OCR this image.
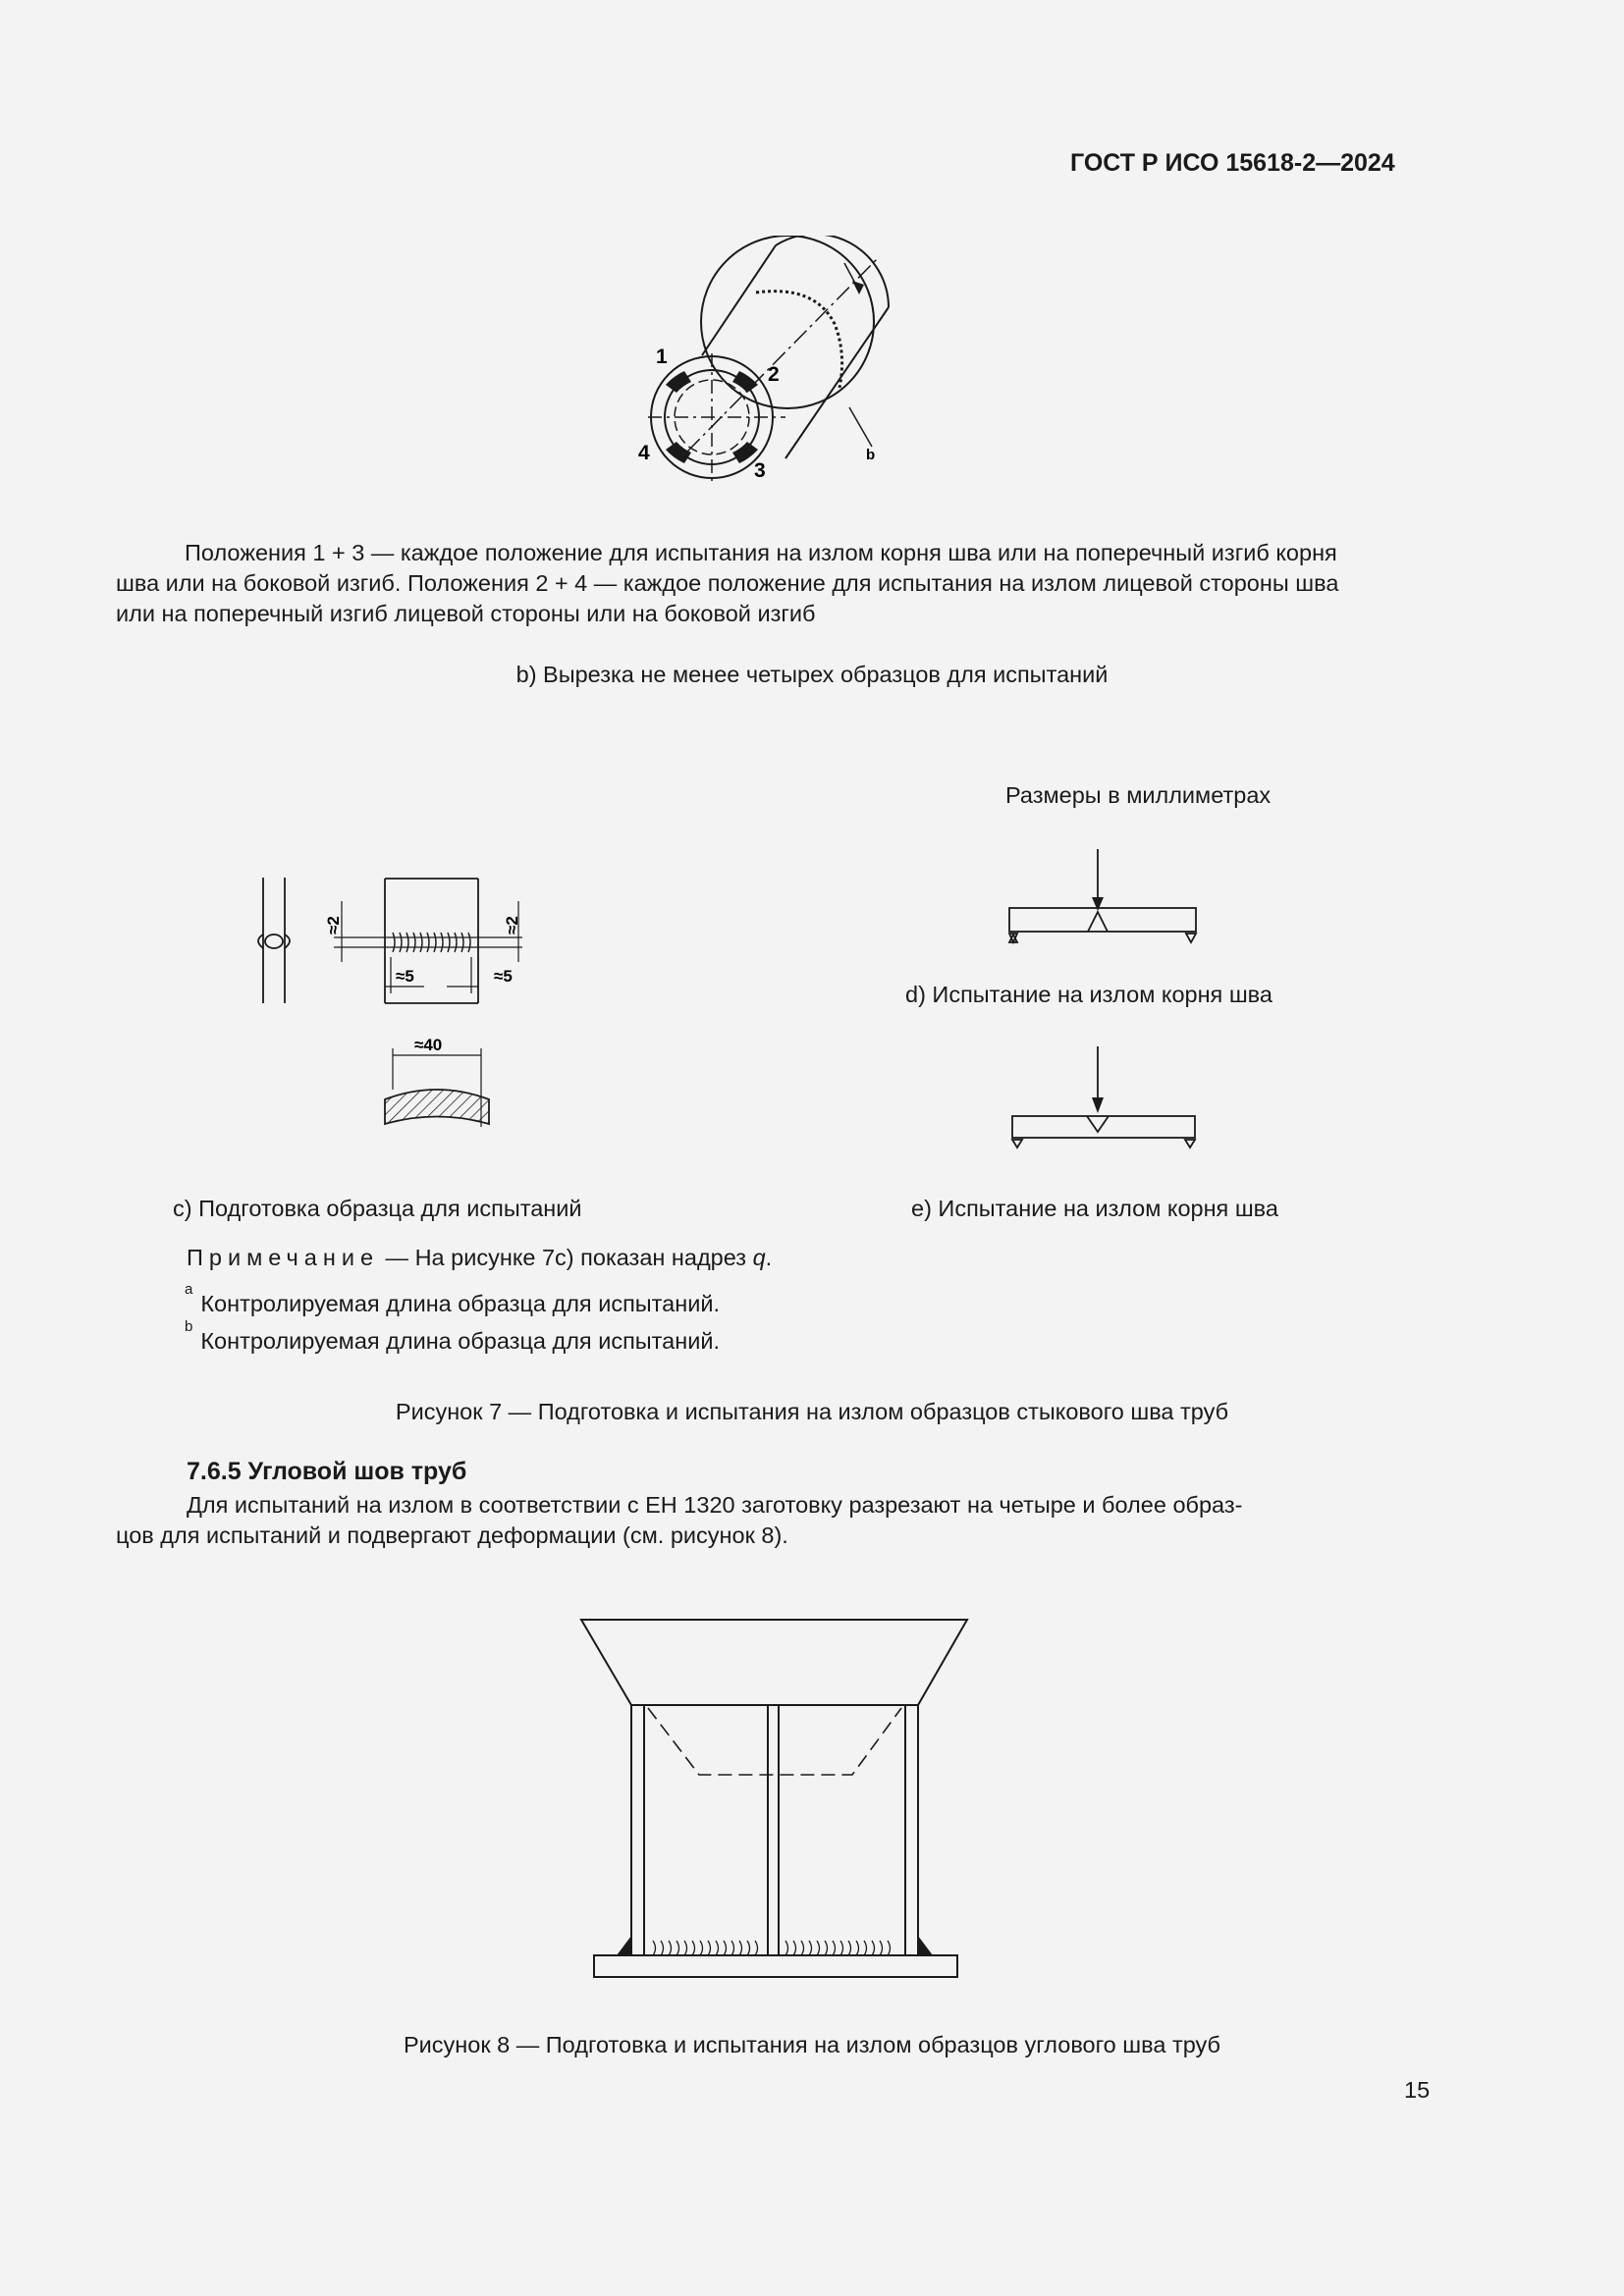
ГОСТ Р ИСО 15618-2—2024
1
2
3
4	b
Положения 1 + 3 — каждое положение для испытания на излом корня шва или на поперечный изгиб корня
шва или на боковой изгиб. Положения 2 + 4 — каждое положение для испытания на излом лицевой стороны шва
или на поперечный изгиб лицевой стороны или на боковой изгиб
b) Вырезка не менее четырех образцов для испытаний
Размеры в миллиметрах
≈2	≈2
≈5	≈5
≈40
d) Испытание на излом корня шва
c) Подготовка образца для испытаний	e) Испытание на излом корня шва
Примечание — На рисунке 7c) показан надрез q.
$^a$Контролируемая длина образца для испытаний.
$^b$Контролируемая длина образца для испытаний.
Рисунок 7 — Подготовка и испытания на излом образцов стыкового шва труб
7.6.5 Угловой шов труб
Для испытаний на излом в соответствии с ЕН 1320 заготовку разрезают на четыре и более образ-
цов для испытаний и подвергают деформации (см. рисунок 8).
Рисунок 8 — Подготовка и испытания на излом образцов углового шва труб
15
